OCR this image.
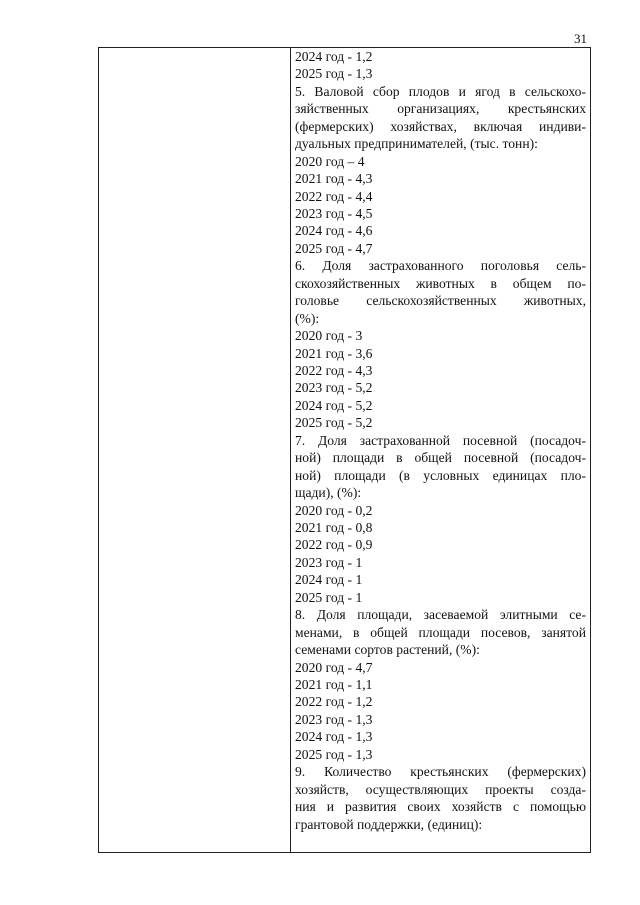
31
2024 год - 1,2
2025 год - 1,3
5. Валовой сбор плодов и ягод в сельскохо-
зяйственных организациях, крестьянских
(фермерских) хозяйствах, включая индиви-
дуальных предпринимателей, (тыс. тонн):
2020 год – 4
2021 год - 4,3
2022 год - 4,4
2023 год - 4,5
2024 год - 4,6
2025 год - 4,7
6. Доля застрахованного поголовья сель-
скохозяйственных животных в общем по-
головье сельскохозяйственных животных,
(%):
2020 год - 3
2021 год - 3,6
2022 год - 4,3
2023 год - 5,2
2024 год - 5,2
2025 год - 5,2
7. Доля застрахованной посевной (посадоч-
ной) площади в общей посевной (посадоч-
ной) площади (в условных единицах пло-
щади), (%):
2020 год - 0,2
2021 год - 0,8
2022 год - 0,9
2023 год - 1
2024 год - 1
2025 год - 1
8. Доля площади, засеваемой элитными се-
менами, в общей площади посевов, занятой
семенами сортов растений, (%):
2020 год - 4,7
2021 год - 1,1
2022 год - 1,2
2023 год - 1,3
2024 год - 1,3
2025 год - 1,3
9. Количество крестьянских (фермерских)
хозяйств, осуществляющих проекты созда-
ния и развития своих хозяйств с помощью
грантовой поддержки, (единиц):
